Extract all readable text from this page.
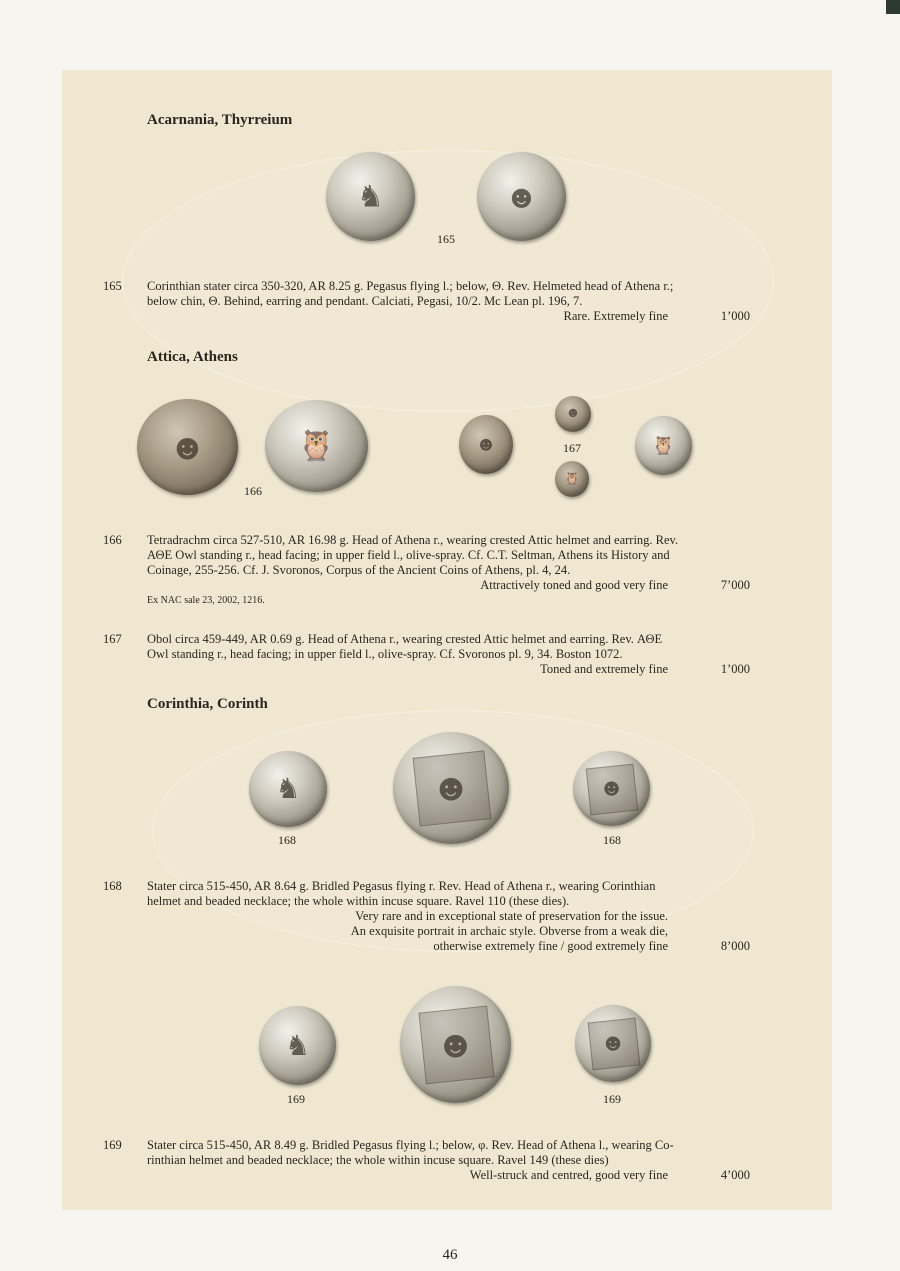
Acarnania, Thyrreium
♞	☻
165
165 Corinthian stater circa 350-320, AR 8.25 g. Pegasus flying l.; below, Θ. Rev. Helmeted head of Athena r.;

below chin, Θ. Behind, earring and pendant. Calciati, Pegasi, 10/2. Mc Lean pl. 196, 7.

Rare. Extremely fine	1’000
Attica, Athens
☻	🦉
166
☻
☻
167
🦉
🦉
166 Tetradrachm circa 527-510, AR 16.98 g. Head of Athena r., wearing crested Attic helmet and earring. Rev.

ΑΘΕ Owl standing r., head facing; in upper field l., olive-spray. Cf. C.T. Seltman, Athens its History and

Coinage, 255-256. Cf. J. Svoronos, Corpus of the Ancient Coins of Athens, pl. 4, 24.

Attractively toned and good very fine	7’000
Ex NAC sale 23, 2002, 1216.
167 Obol circa 459-449, AR 0.69 g. Head of Athena r., wearing crested Attic helmet and earring. Rev. ΑΘΕ

Owl standing r., head facing; in upper field l., olive-spray. Cf. Svoronos pl. 9, 34. Boston 1072.

Toned and extremely fine	1’000
Corinthia, Corinth
♞	☻	☻
168	168
168 Stater circa 515-450, AR 8.64 g. Bridled Pegasus flying r. Rev. Head of Athena r., wearing Corinthian

helmet and beaded necklace; the whole within incuse square. Ravel 110 (these dies).

Very rare and in exceptional state of preservation for the issue.
An exquisite portrait in archaic style. Obverse from a weak die,
otherwise extremely fine / good extremely fine	8’000
♞	☻	☻
169	169
169 Stater circa 515-450, AR 8.49 g. Bridled Pegasus flying l.; below, φ. Rev. Head of Athena l., wearing Co-

rinthian helmet and beaded necklace; the whole within incuse square. Ravel 149 (these dies)

Well-struck and centred, good very fine	4’000
46
